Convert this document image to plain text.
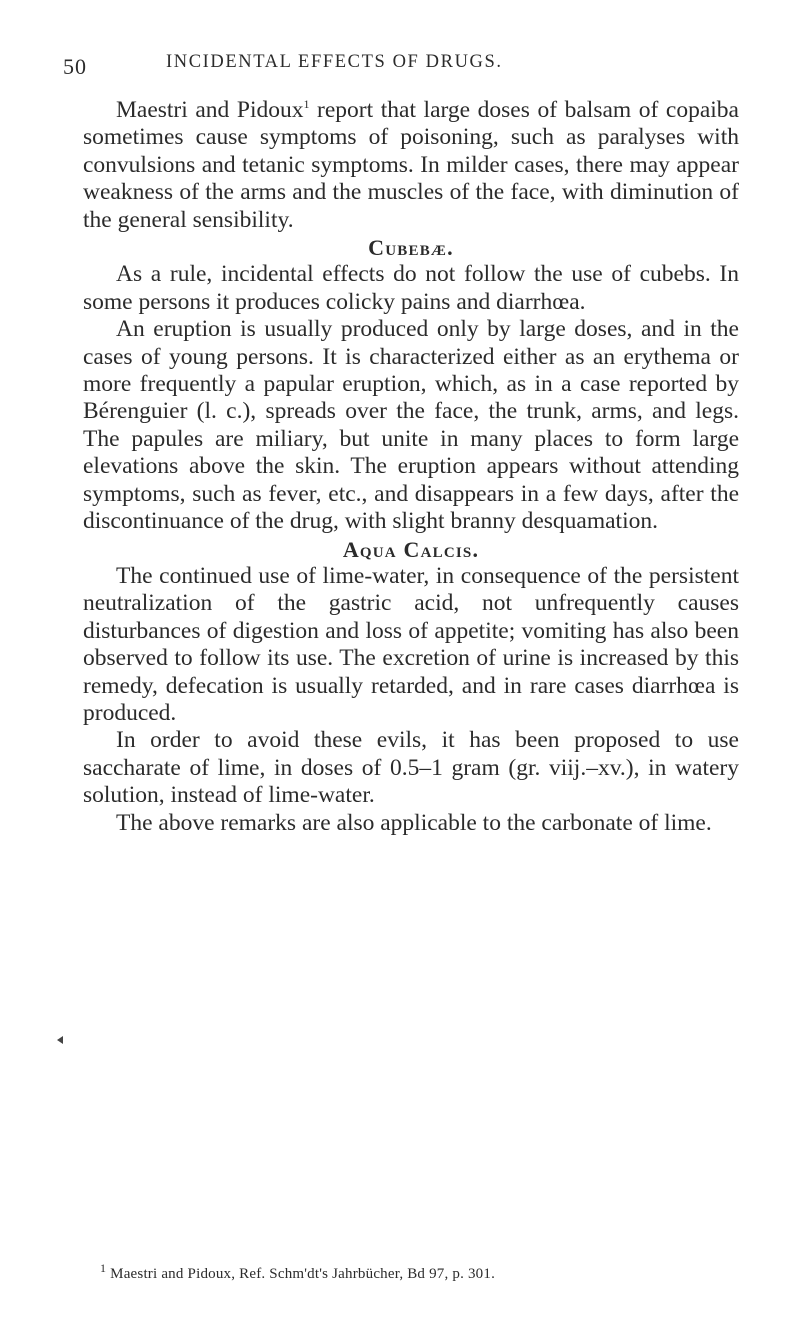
50	INCIDENTAL EFFECTS OF DRUGS.

Maestri and Pidoux$^1$ report that large doses of balsam of copaiba sometimes cause symptoms of poisoning, such as paralyses with convulsions and tetanic symptoms. In milder cases, there may appear weakness of the arms and the muscles of the face, with diminution of the general sensibility.

Cubebæ.

As a rule, incidental effects do not follow the use of cubebs. In some persons it produces colicky pains and diarrhœa.

An eruption is usually produced only by large doses, and in the cases of young persons. It is characterized either as an erythema or more frequently a papular eruption, which, as in a case reported by Bérenguier (l. c.), spreads over the face, the trunk, arms, and legs. The papules are miliary, but unite in many places to form large elevations above the skin. The eruption appears without attending symptoms, such as fever, etc., and disappears in a few days, after the discontinuance of the drug, with slight branny desquamation.

Aqua Calcis.

The continued use of lime-water, in consequence of the persistent neutralization of the gastric acid, not unfrequently causes disturbances of digestion and loss of appetite; vomiting has also been observed to follow its use. The excretion of urine is increased by this remedy, defecation is usually retarded, and in rare cases diarrhœa is produced.

In order to avoid these evils, it has been proposed to use saccharate of lime, in doses of 0.5–1 gram (gr. viij.–xv.), in watery solution, instead of lime-water.

The above remarks are also applicable to the carbonate of lime.

$^1$ Maestri and Pidoux, Ref. Schm'dt's Jahrbücher, Bd 97, p. 301.
